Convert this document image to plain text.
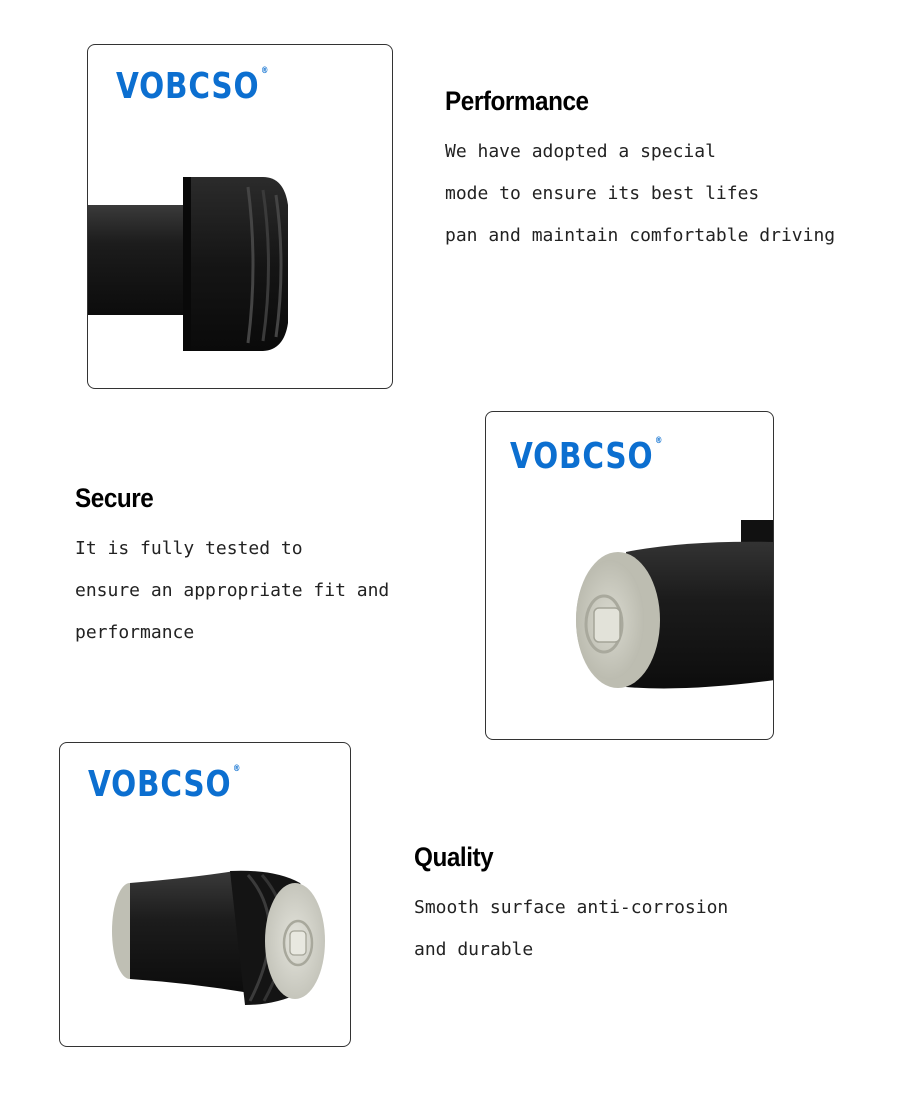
VOBCSO ®
Performance

We have adopted a special
mode to ensure its best lifes
pan and maintain comfortable driving

Secure

It is fully tested to
ensure an appropriate fit and
performance

VOBCSO ®
VOBCSO ®
Quality

Smooth surface anti-corrosion
and durable
